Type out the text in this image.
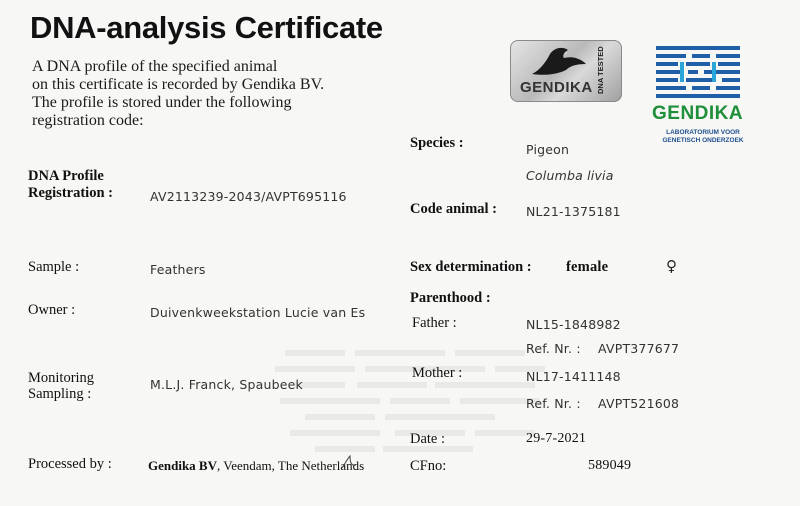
DNA-analysis Certificate
A DNA profile of the specified animal
on this certificate is recorded by Gendika BV.
The profile is stored under the following
registration code:
DNA Profile
Registration :	AV2113239-2043/AVPT695116
Sample :	Feathers
Owner :	Duivenkweekstation Lucie van Es
Monitoring
Sampling :
M.L.J. Franck, Spaubeek
Processed by :	Gendika BV, Veendam, The Netherlands
Species :	Pigeon
Columba livia
Code animal : NL21-1375181
Sex determination : female	♀
Parenthood :
Father :	NL15-1848982
Ref. Nr. : AVPT377677
Mother :	NL17-1411148
Ref. Nr. : AVPT521608
Date :	29-7-2021
CFno:	589049
GENDIKA DNA TESTED
GENDIKA
LABORATORIUM VOOR
GENETISCH ONDERZOEK
